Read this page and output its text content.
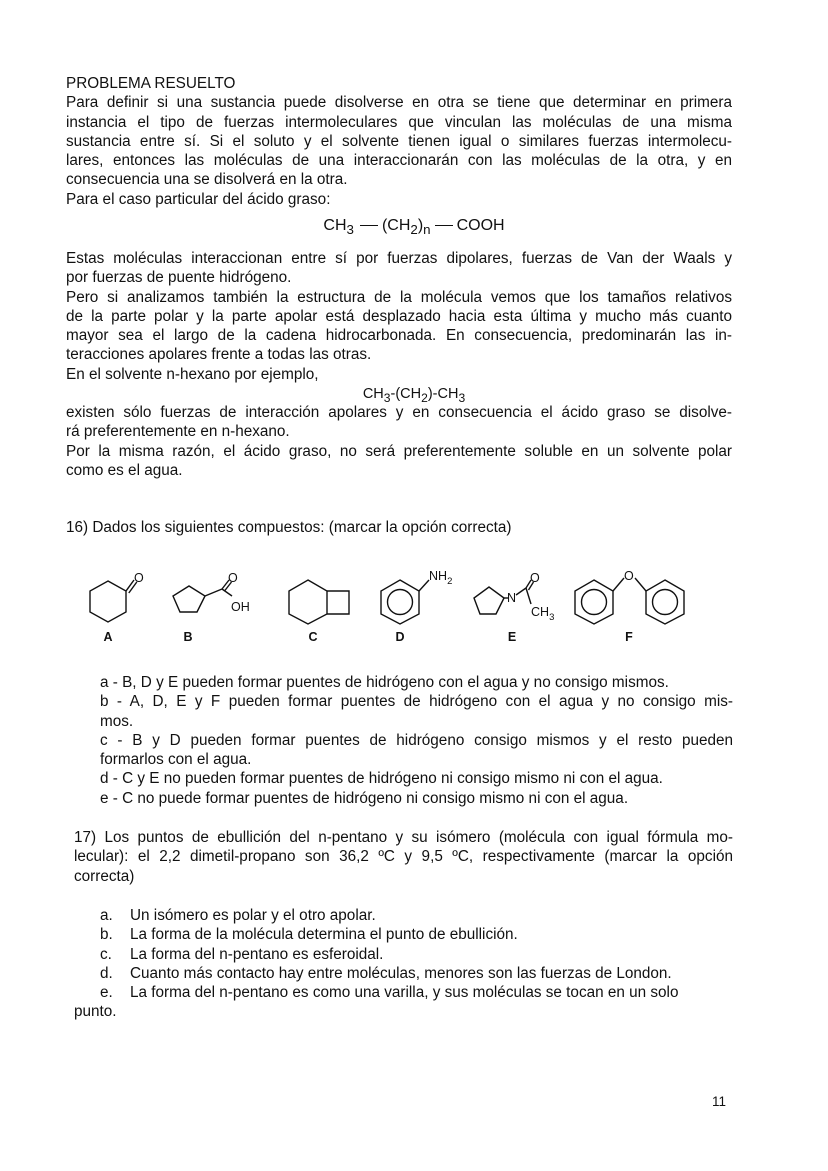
PROBLEMA RESUELTO
Para definir si una sustancia puede disolverse en otra se tiene que determinar en primera
instancia el tipo de fuerzas intermoleculares que vinculan las moléculas de una misma
sustancia entre sí. Si el soluto y el solvente tienen igual o similares fuerzas intermolecu-
lares, entonces las moléculas de una interaccionarán con las moléculas de la otra, y en
consecuencia una se disolverá en la otra.
Para el caso particular del ácido graso:
$CH_3$ $(CH_2)_n$ COOH
Estas moléculas interaccionan entre sí por fuerzas dipolares, fuerzas de Van der Waals y
por fuerzas de puente hidrógeno.
Pero si analizamos también la estructura de la molécula vemos que los tamaños relativos
de la parte polar y la parte apolar está desplazado hacia esta última y mucho más cuanto
mayor sea el largo de la cadena hidrocarbonada. En consecuencia, predominarán las in-
teracciones apolares frente a todas las otras.
En el solvente n-hexano por ejemplo,
$CH_3-(CH_2)-CH_3$
existen sólo fuerzas de interacción apolares y en consecuencia el ácido graso se disolve-
rá preferentemente en n-hexano.
Por la misma razón, el ácido graso, no será preferentemente soluble en un solvente polar
como es el agua.
16) Dados los siguientes compuestos: (marcar la opción correcta)
O	O
OH
$NH_2$
N
O
$CH_3$
O
A	B	C	D	E	F
a - B, D y E pueden formar puentes de hidrógeno con el agua y no consigo mismos.
b - A, D, E y F pueden formar puentes de hidrógeno con el agua y no consigo mis-
mos.
c - B y D pueden formar puentes de hidrógeno consigo mismos y el resto pueden
formarlos con el agua.
d - C y E no pueden formar puentes de hidrógeno ni consigo mismo ni con el agua.
e - C no puede formar puentes de hidrógeno ni consigo mismo ni con el agua.
17) Los puntos de ebullición del n-pentano y su isómero (molécula con igual fórmula mo-
lecular): el 2,2 dimetil-propano son 36,2 ºC y 9,5 ºC, respectivamente (marcar la opción
correcta)
a.	Un isómero es polar y el otro apolar.
b.	La forma de la molécula determina el punto de ebullición.
c.	La forma del n-pentano es esferoidal.
d.	Cuanto más contacto hay entre moléculas, menores son las fuerzas de London.
e.	La forma del n-pentano es como una varilla, y sus moléculas se tocan en un solo
punto.
11
